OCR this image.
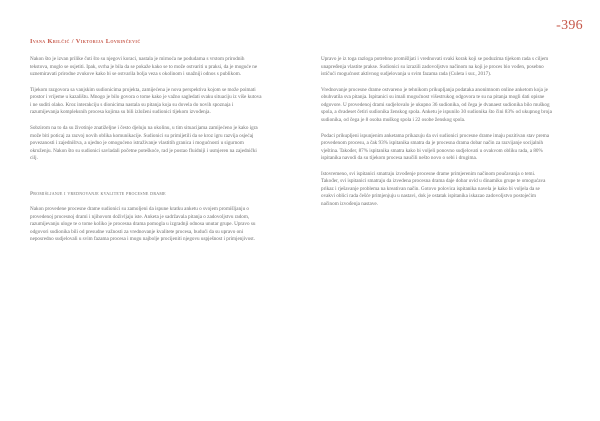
-396
Ivana Krilčić / Viktorija Lovrinčević

Nakon što je izvan prilike čuti što su njegovi koraci, nastala je mirnoća ne podudarna s vrstom prirodnih tekstova, moglo se osjetiti. Ipak, svrha je bila da se pokaže kako se to može ostvariti u praksi, da je moguće ne uznemiravati prirodne zvukove kako bi se ostvarila bolja veza s okolinom i snažniji odnos s publikom.

Tijekom razgovora sa vanjskim sudionicima projekta, zamijećena je nova perspektiva kojom se može poimati prostor i vrijeme u kazalištu. Mnogo je bilo govora o tome kako je važno sagledati svaku situaciju iz više kutova i ne suditi olako. Kroz interakciju s dionicima nastala su pitanja koja su dovela do novih spoznaja i razumijevanja kompleksnih procesa kojima su bili izloženi sudionici tijekom izvođenja.

Sobzirom na to da su životinje znatiželjne i često djeluju na okolinu, u tim situacijama zamijećeno je kako igra može biti poticaj za razvoj novih oblika komunikacije. Sudionici su primijetili da se kroz igru razvija osjećaj povezanosti i zajedništva, a ujedno je omogućeno istraživanje vlastitih granica i mogućnosti u sigurnom okruženju. Nakon što su sudionici savladali početne poteškoće, rad je postao fluidniji i usmjeren na zajednički cilj.

Promišljanje i vrednovanje kvalitete procesne drame

Nakon provedene procesne drame sudionici su zamoljeni da ispune kratku anketu o svojem promišljanju o provedenoj procesnoj drami i njihovom doživljaju iste. Anketa je sadržavala pitanja o zadovoljstvu radom, razumijevanju uloge te o tome koliko je procesna drama pomogla u izgradnji odnosa unutar grupe. Upravo su odgovori sudionika bili od presudne važnosti za vrednovanje kvalitete procesa, budući da su upravo oni neposredno sudjelovali u svim fazama procesa i mogu najbolje procijeniti njegovu uspješnost i primjenjivost.

Upravo je iz toga razloga potrebno promišljati i vrednovati svaki korak koji se poduzima tijekom rada s ciljem unapređenja vlastite prakse. Sudionici su izrazili zadovoljstvo načinom na koji je proces bio vođen, posebno ističući mogućnost aktivnog sudjelovanja u svim fazama rada (Culeta i sur., 2017).

Vrednovanje procesne drame ostvareno je tehnikom prikupljanja podataka anonimnom online anketom koja je obuhvatila sva pitanja. Ispitanici su imali mogućnost višestrukog odgovora te su na pitanja mogli dati opisne odgovore. U provedenoj drami sudjelovalo je ukupno 36 sudionika, od čega je dvanaest sudionika bilo muškog spola, a dvadeset četiri sudionika ženskog spola. Anketu je ispunilo 30 sudionika što čini 83% od ukupnog broja sudionika, od čega je 8 osoba muškog spola i 22 osobe ženskog spola.

Podaci prikupljeni ispunjenim anketama prikazuju da svi sudionici procesne drame imaju pozitivan stav prema provedenom procesu, a čak 93% ispitanika smatra da je procesna drama dobar način za razvijanje socijalnih vještina. Također, 87% ispitanika smatra kako bi voljeli ponovno sudjelovati u ovakvom obliku rada, a 80% ispitanika navodi da su tijekom procesa naučili nešto novo o sebi i drugima.

Istovremeno, svi ispitanici smatraju izvođenje procesne drame primjerenim načinom poučavanja o temi. Također, svi ispitanici smatraju da izvedena procesna drama daje dobar uvid u dinamiku grupe te omogućava prikaz i rješavanje problema na kreativan način. Gotovo polovica ispitanika navela je kako bi voljela da se ovakvi oblici rada češće primjenjuju u nastavi, dok je ostatak ispitanika iskazao zadovoljstvo postojećim načinom izvođenja nastave.
